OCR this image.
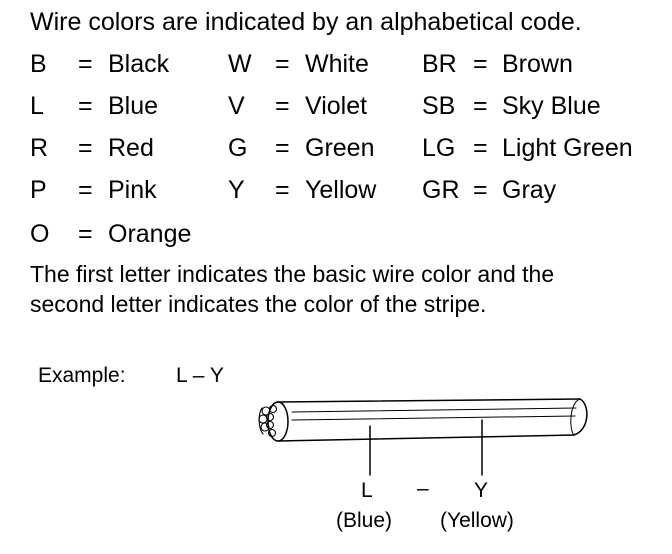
Wire colors are indicated by an alphabetical code.
B = Black
L = Blue
R = Red
P = Pink
O = Orange
W = White
V = Violet
G = Green
Y = Yellow
BR = Brown
SB = Sky Blue
LG = Light Green
GR = Gray
The first letter indicates the basic wire color and the
second letter indicates the color of the stripe.
Example: L – Y
L – Y
(Blue) (Yellow)
